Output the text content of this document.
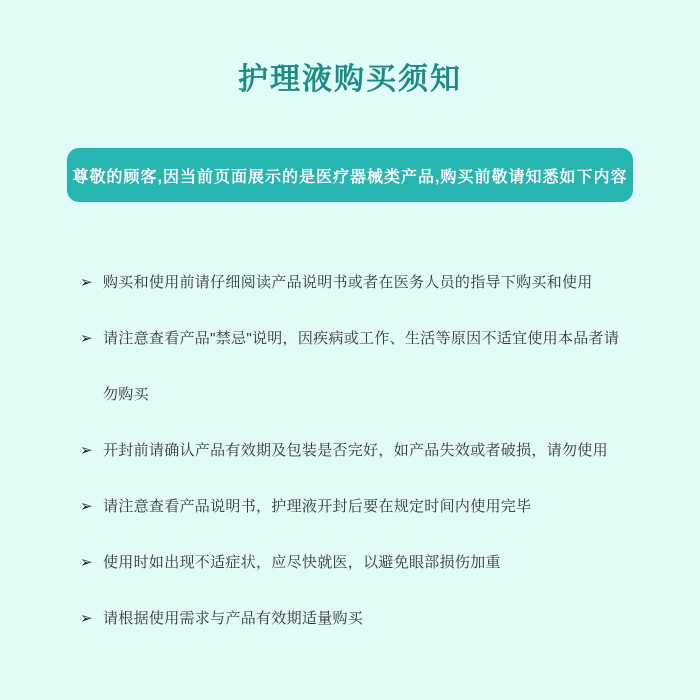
护理液购买须知
尊敬的顾客,因当前页面展示的是医疗器械类产品,购买前敬请知悉如下内容
➢ 购买和使用前请仔细阅读产品说明书或者在医务人员的指导下购买和使用
➢ 请注意查看产品"禁忌"说明，因疾病或工作、生活等原因不适宜使用本品者请勿购买
➢ 开封前请确认产品有效期及包装是否完好，如产品失效或者破损，请勿使用
➢ 请注意查看产品说明书，护理液开封后要在规定时间内使用完毕
➢ 使用时如出现不适症状，应尽快就医，以避免眼部损伤加重
➢ 请根据使用需求与产品有效期适量购买
